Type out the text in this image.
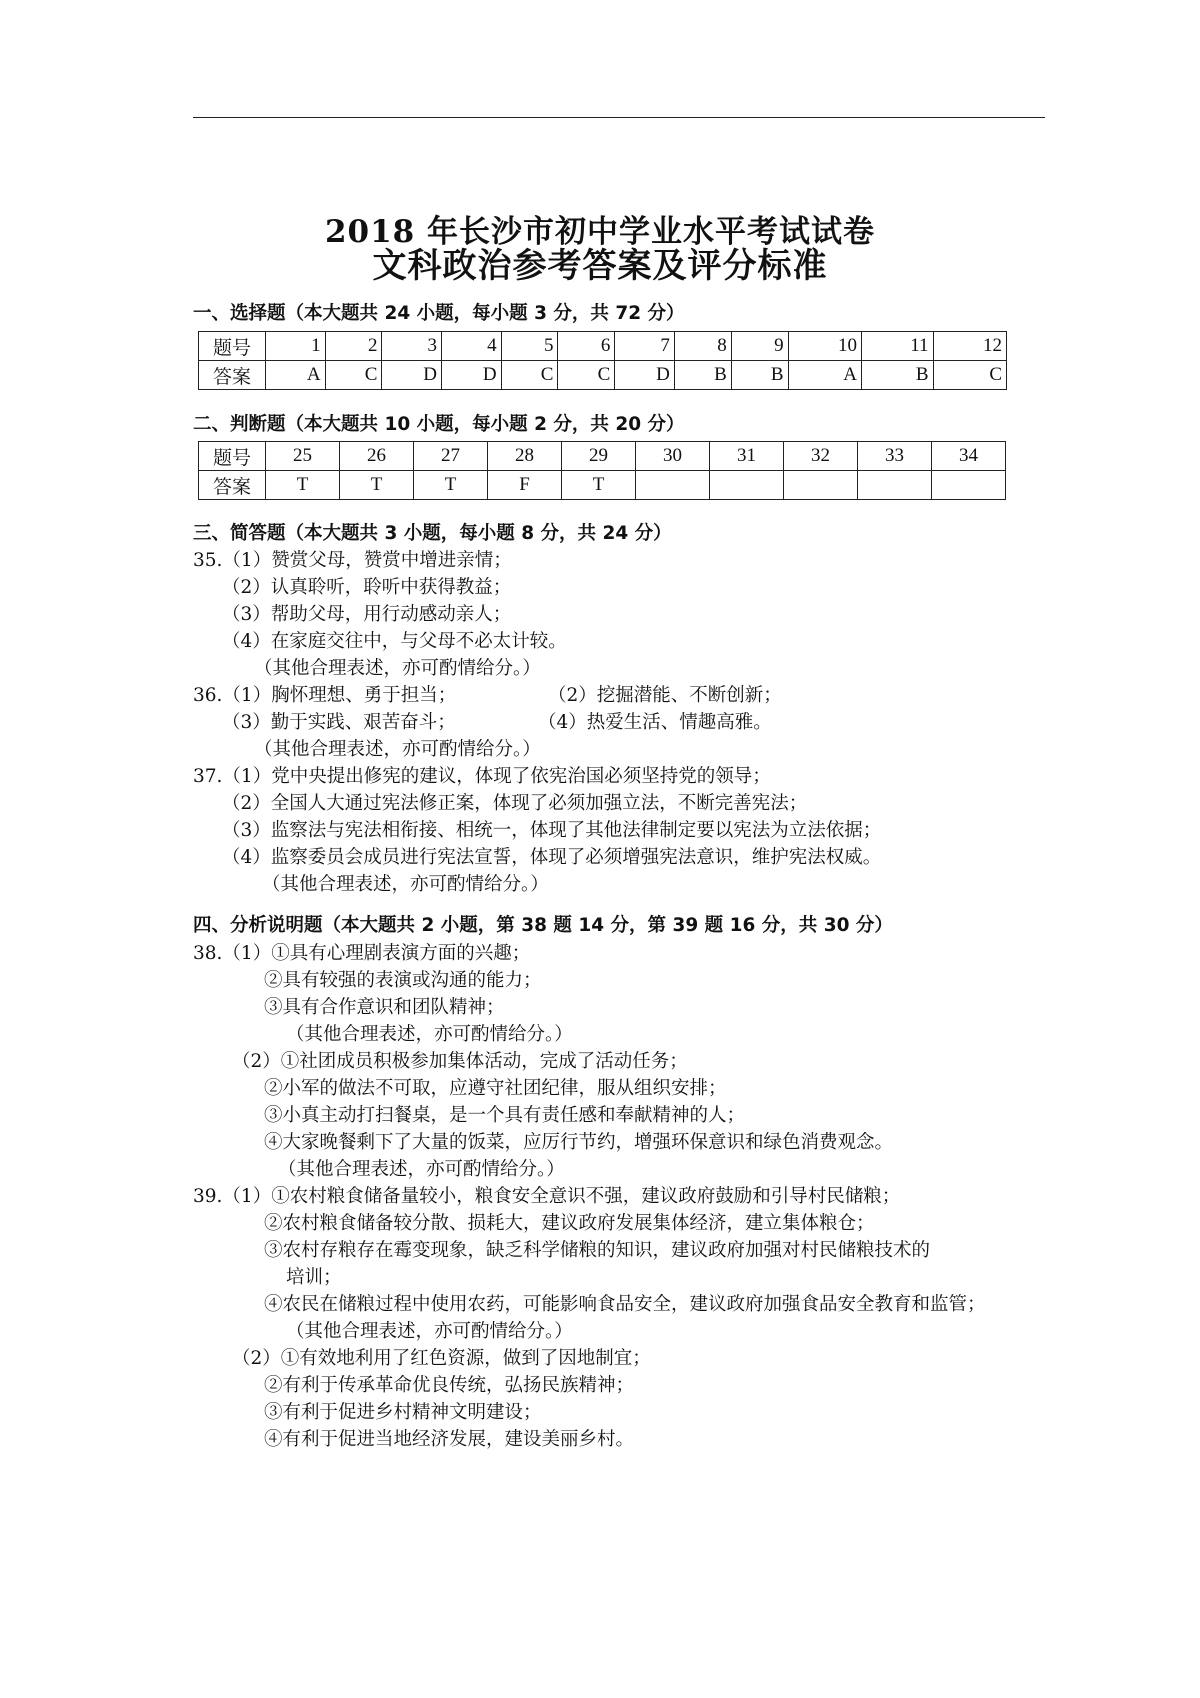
2018 年长沙市初中学业水平考试试卷
文科政治参考答案及评分标准
一、选择题（本大题共 24 小题，每小题 3 分，共 72 分）
题号	1	2	3	4	5	6	7	8	9	10	11	12
答案	A	C	D	D	C	C	D	B	B	A	B	C
二、判断题（本大题共 10 小题，每小题 2 分，共 20 分）
题号	25	26	27	28	29	30	31	32	33	34
答案	T	T	T	F	T					
三、简答题（本大题共 3 小题，每小题 8 分，共 24 分）
35.（1）赞赏父母，赞赏中增进亲情；
（2）认真聆听，聆听中获得教益；
（3）帮助父母，用行动感动亲人；
（4）在家庭交往中，与父母不必太计较。
（其他合理表述，亦可酌情给分。）
36.（1）胸怀理想、勇于担当；	（2）挖掘潜能、不断创新；
（3）勤于实践、艰苦奋斗；	（4）热爱生活、情趣高雅。
（其他合理表述，亦可酌情给分。）
37.（1）党中央提出修宪的建议，体现了依宪治国必须坚持党的领导；
（2）全国人大通过宪法修正案，体现了必须加强立法，不断完善宪法；
（3）监察法与宪法相衔接、相统一，体现了其他法律制定要以宪法为立法依据；
（4）监察委员会成员进行宪法宣誓，体现了必须增强宪法意识，维护宪法权威。
（其他合理表述，亦可酌情给分。）
四、分析说明题（本大题共 2 小题，第 38 题 14 分，第 39 题 16 分，共 30 分）
38.（1）①具有心理剧表演方面的兴趣；
②具有较强的表演或沟通的能力；
③具有合作意识和团队精神；
（其他合理表述，亦可酌情给分。）
（2）①社团成员积极参加集体活动，完成了活动任务；
②小军的做法不可取，应遵守社团纪律，服从组织安排；
③小真主动打扫餐桌，是一个具有责任感和奉献精神的人；
④大家晚餐剩下了大量的饭菜，应厉行节约，增强环保意识和绿色消费观念。
（其他合理表述，亦可酌情给分。）
39.（1）①农村粮食储备量较小，粮食安全意识不强，建议政府鼓励和引导村民储粮；
②农村粮食储备较分散、损耗大，建议政府发展集体经济，建立集体粮仓；
③农村存粮存在霉变现象，缺乏科学储粮的知识，建议政府加强对村民储粮技术的
培训；
④农民在储粮过程中使用农药，可能影响食品安全，建议政府加强食品安全教育和监管；
（其他合理表述，亦可酌情给分。）
（2）①有效地利用了红色资源，做到了因地制宜；
②有利于传承革命优良传统，弘扬民族精神；
③有利于促进乡村精神文明建设；
④有利于促进当地经济发展，建设美丽乡村。
